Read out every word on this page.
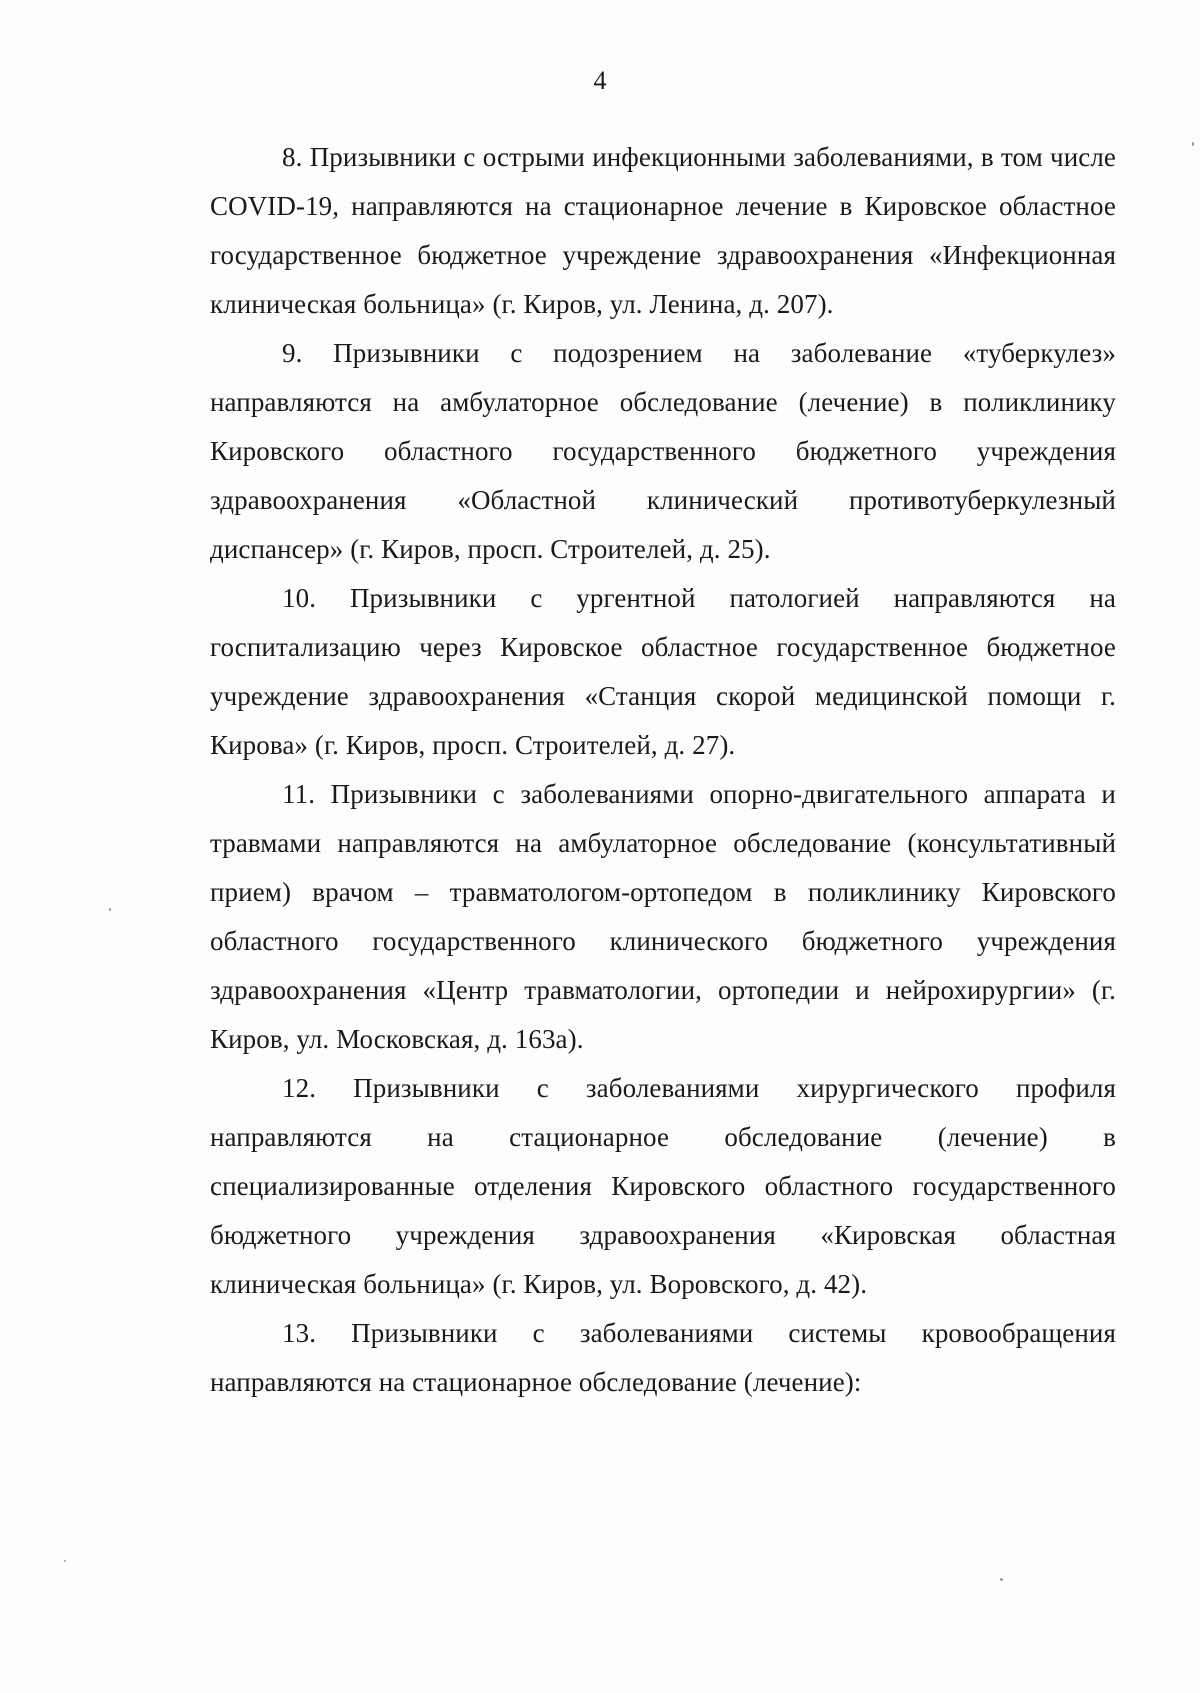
4

8. Призывники с острыми инфекционными заболеваниями, в том числе COVID-19, направляются на стационарное лечение в Кировское областное государственное бюджетное учреждение здравоохранения «Инфекционная клиническая больница» (г. Киров, ул. Ленина, д. 207).

9. Призывники с подозрением на заболевание «туберкулез» направляются на амбулаторное обследование (лечение) в поликлинику Кировского областного государственного бюджетного учреждения здравоохранения «Областной клинический противотуберкулезный диспансер» (г. Киров, просп. Строителей, д. 25).

10. Призывники с ургентной патологией направляются на госпитализацию через Кировское областное государственное бюджетное учреждение здравоохранения «Станция скорой медицинской помощи г. Кирова» (г. Киров, просп. Строителей, д. 27).

11. Призывники с заболеваниями опорно-двигательного аппарата и травмами направляются на амбулаторное обследование (консультативный прием) врачом – травматологом-ортопедом в поликлинику Кировского областного государственного клинического бюджетного учреждения здравоохранения «Центр травматологии, ортопедии и нейрохирургии» (г. Киров, ул. Московская, д. 163а).

12. Призывники с заболеваниями хирургического профиля направляются на стационарное обследование (лечение) в специализированные отделения Кировского областного государственного бюджетного учреждения здравоохранения «Кировская областная клиническая больница» (г. Киров, ул. Воровского, д. 42).

13. Призывники с заболеваниями системы кровообращения направляются на стационарное обследование (лечение):
